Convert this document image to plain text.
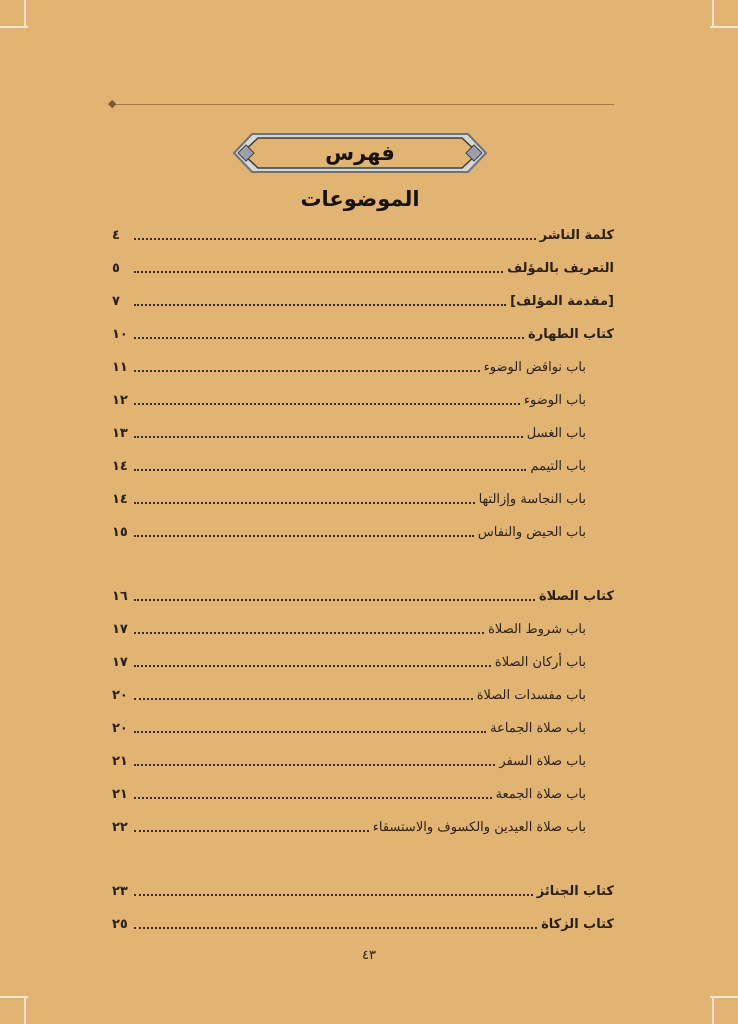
◆
فهرس الموضوعات
كلمة الناشر
٤
التعريف بالمؤلف
٥
[مقدمة المؤلف]
٧
كتاب الطهارة
١٠
باب نواقض الوضوء
١١
باب الوضوء
١٢
باب الغسل
١٣
باب التيمم
١٤
باب النجاسة وإزالتها
١٤
باب الحيض والنفاس
١٥
كتاب الصلاة
١٦
باب شروط الصلاة
١٧
باب أركان الصلاة
١٧
باب مفسدات الصلاة
٢٠
باب صلاة الجماعة
٢٠
باب صلاة السفر
٢١
باب صلاة الجمعة
٢١
باب صلاة العيدين والكسوف والاستسقاء
٢٢
كتاب الجنائز
٢٣
كتاب الزكاة
٢٥
٤٣
